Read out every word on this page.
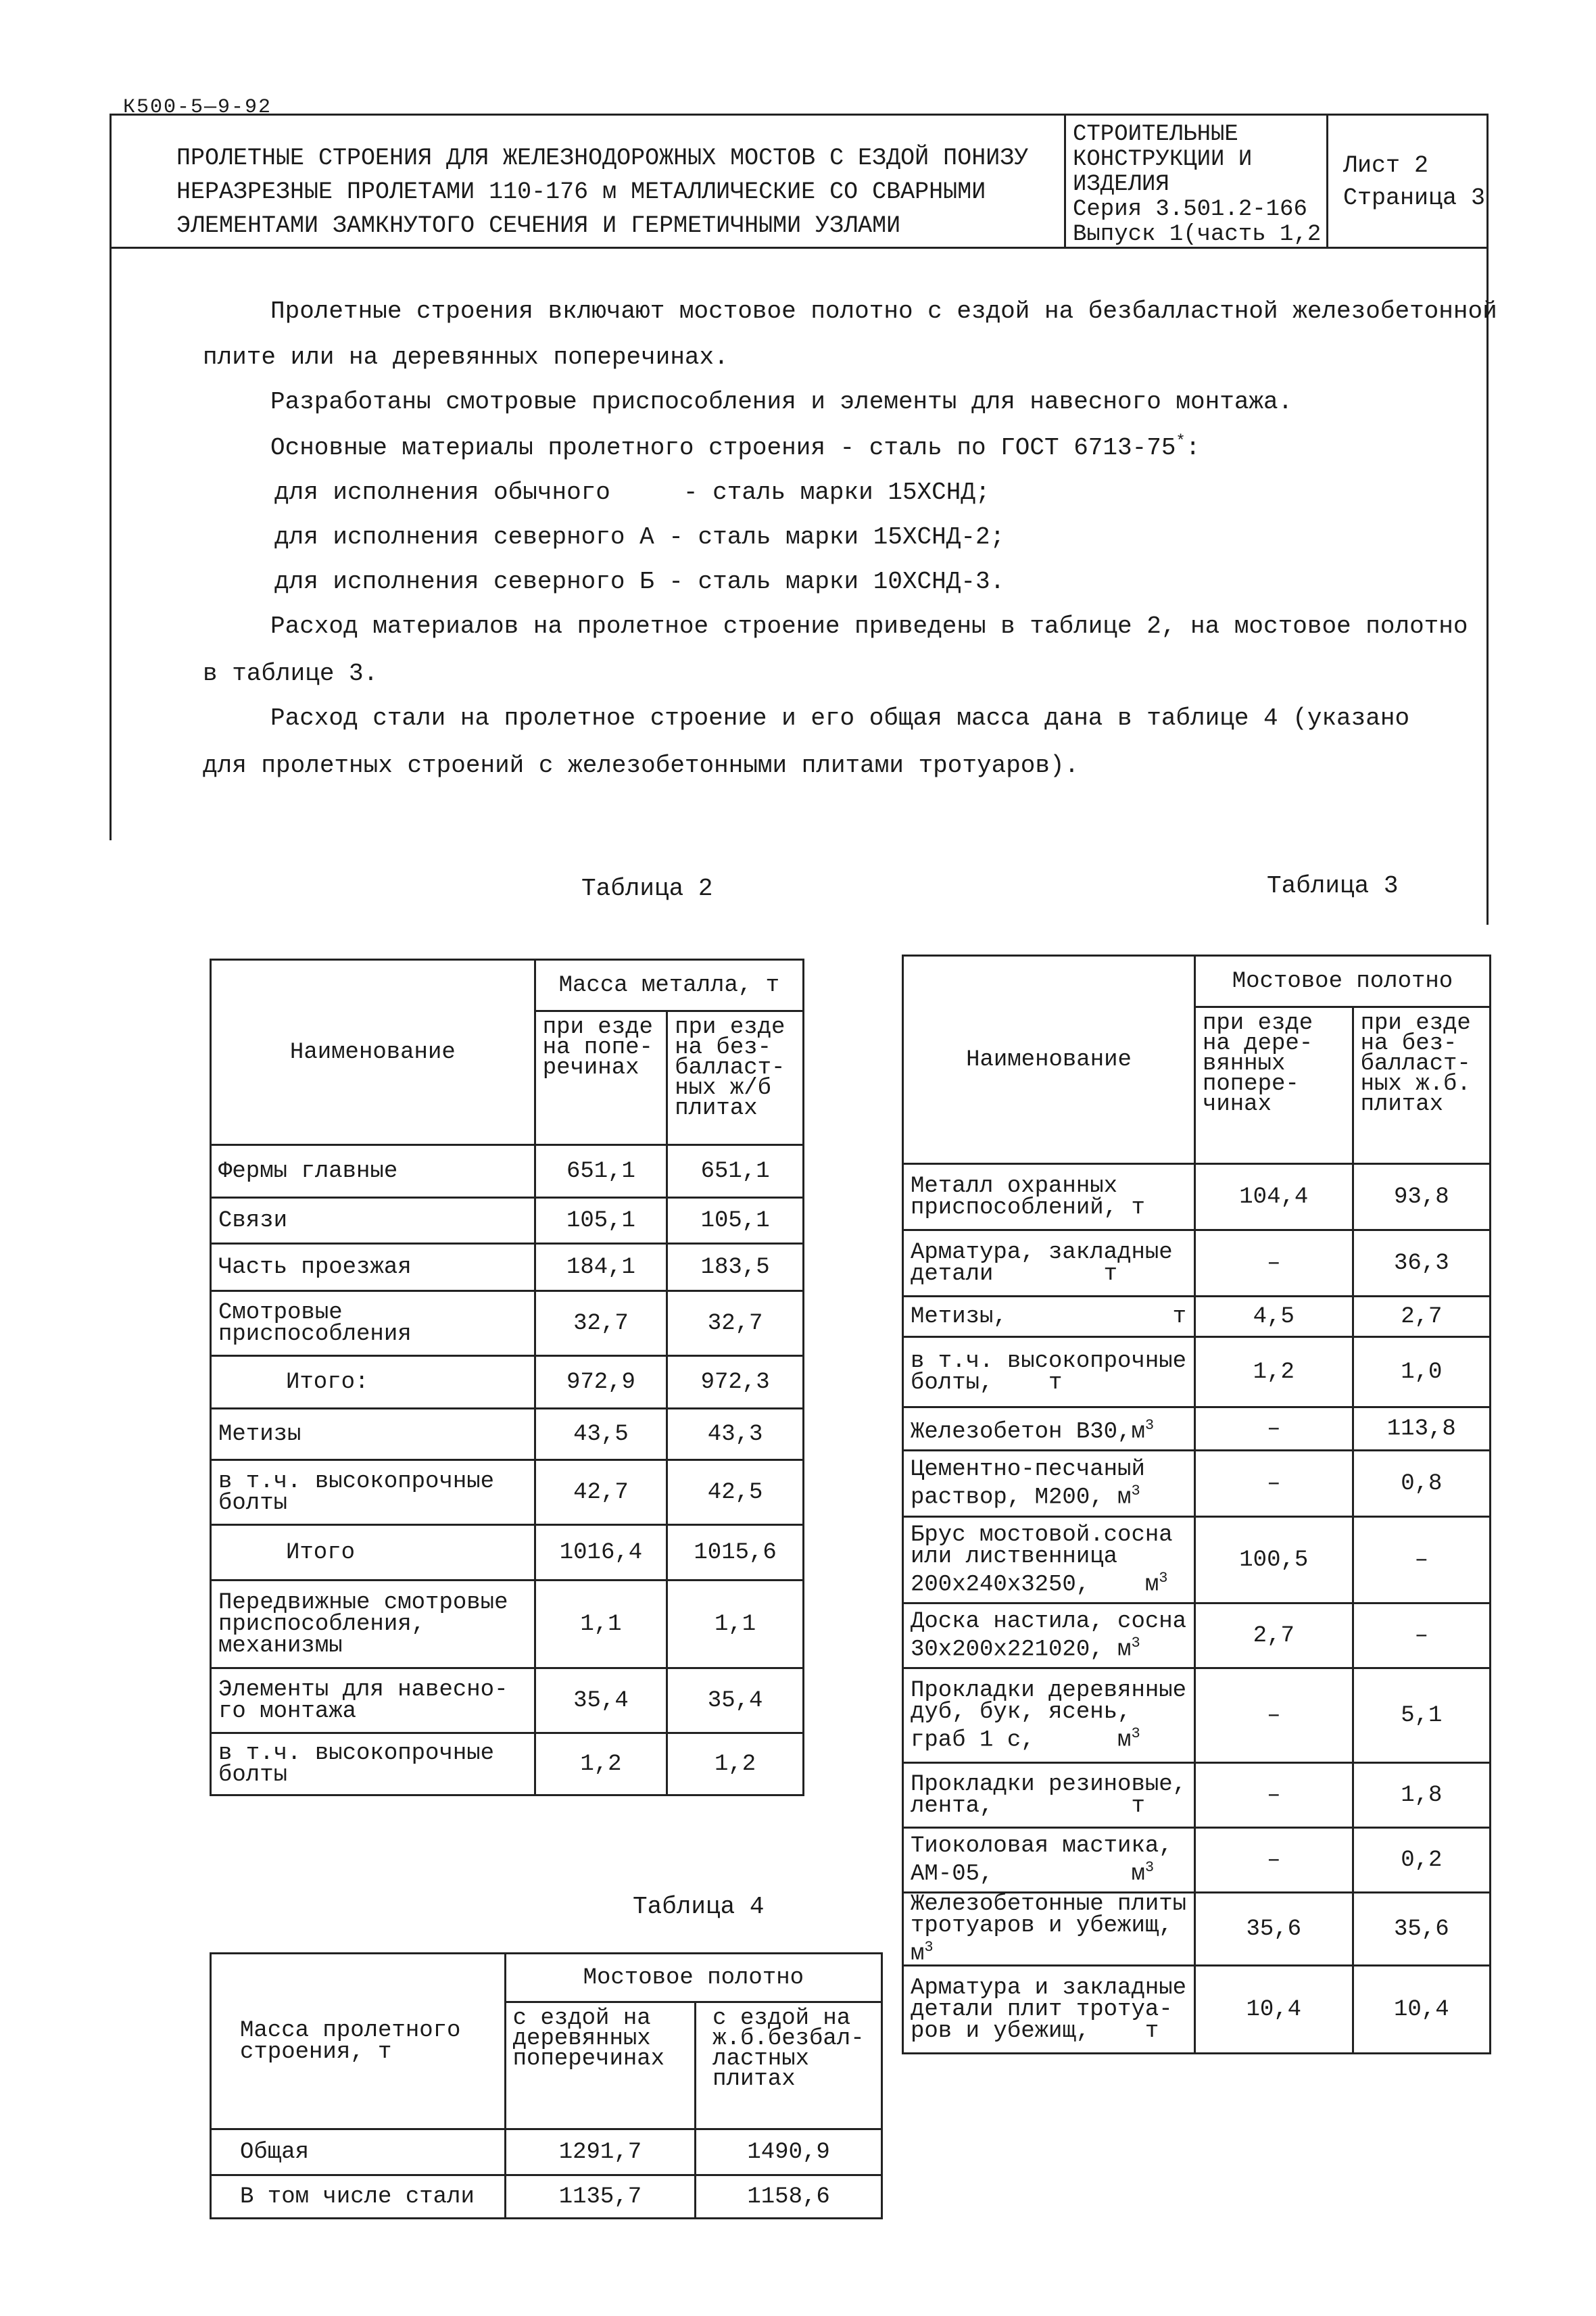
К500-5—9-92
ПРОЛЕТНЫЕ СТРОЕНИЯ ДЛЯ ЖЕЛЕЗНОДОРОЖНЫХ МОСТОВ С ЕЗДОЙ ПОНИЗУ
НЕРАЗРЕЗНЫЕ ПРОЛЕТАМИ 110-176 м МЕТАЛЛИЧЕСКИЕ СО СВАРНЫМИ
ЭЛЕМЕНТАМИ ЗАМКНУТОГО СЕЧЕНИЯ И ГЕРМЕТИЧНЫМИ УЗЛАМИ
СТРОИТЕЛЬНЫЕ
КОНСТРУКЦИИ И
ИЗДЕЛИЯ
Серия 3.501.2-166
Выпуск 1(часть 1,2
Лист 2
Страница 3
Пролетные строения включают мостовое полотно с ездой на безбалластной железобетонной
плите или на деревянных поперечинах.
Разработаны смотровые приспособления и элементы для навесного монтажа.
Основные материалы пролетного строения - сталь по ГОСТ 6713-75*:
для исполнения обычного     - сталь марки 15ХСНД;
для исполнения северного А - сталь марки 15ХСНД-2;
для исполнения северного Б - сталь марки 10ХСНД-3.
Расход материалов на пролетное строение приведены в таблице 2, на мостовое полотно
в таблице 3.
Расход стали на пролетное строение и его общая масса дана в таблице 4 (указано
для пролетных строений с железобетонными плитами тротуаров).
Таблица 2
Наименование	Масса металла, т	
	при езде на попе-речинах	при езде на без-балласт-ных ж/б плитах
Фермы главные	651,1	651,1
Связи	105,1	105,1
Часть проезжая	184,1	183,5
Смотровые приспособления	32,7	32,7
Итого:	972,9	972,3
Метизы	43,5	43,3
в т.ч. высокопрочные болты	42,7	42,5
Итого	1016,4	1015,6
Передвижные смотровые приспособления, механизмы	1,1	1,1
Элементы для навесно-го монтажа	35,4	35,4
в т.ч. высокопрочные болты	1,2	1,2
Таблица 3
Наименование	Мостовое полотно	
	при езде на дере-вянных попере-чинах	при езде на без-балласт-ных ж.б. плитах
Металл охранных приспособлений, т	104,4	93,8
Арматура, закладные детали        т	–	36,3
Метизы,            т	4,5	2,7
в т.ч. высокопрочные болты,    т	1,2	1,0
Железобетон $В30,м^3$	–	113,8
Цементно-песчаный раствор, М200, $м^3$	–	0,8
Брус мостовой.сосна или лиственница 200х240х3250,    $м^3$	100,5	–
Доска настила, сосна 30х200х221020, $м^3$	2,7	–
Прокладки деревянные дуб, бук, ясень, граб 1 с,      $м^3$	–	5,1
Прокладки резиновые, лента,          т	–	1,8
Тиоколовая мастика, АМ-05,          $м^3$	–	0,2
Железобетонные плиты тротуаров и убежищ, $м^3$	35,6	35,6
Арматура и закладные детали плит тротуа-ров и убежищ,    т	10,4	10,4
Таблица 4
Масса пролетного строения, т	Мостовое полотно	
	с ездой на деревянных поперечинах	с ездой на ж.б.безбал-ластных плитах
Общая	1291,7	1490,9
В том числе стали	1135,7	1158,6
